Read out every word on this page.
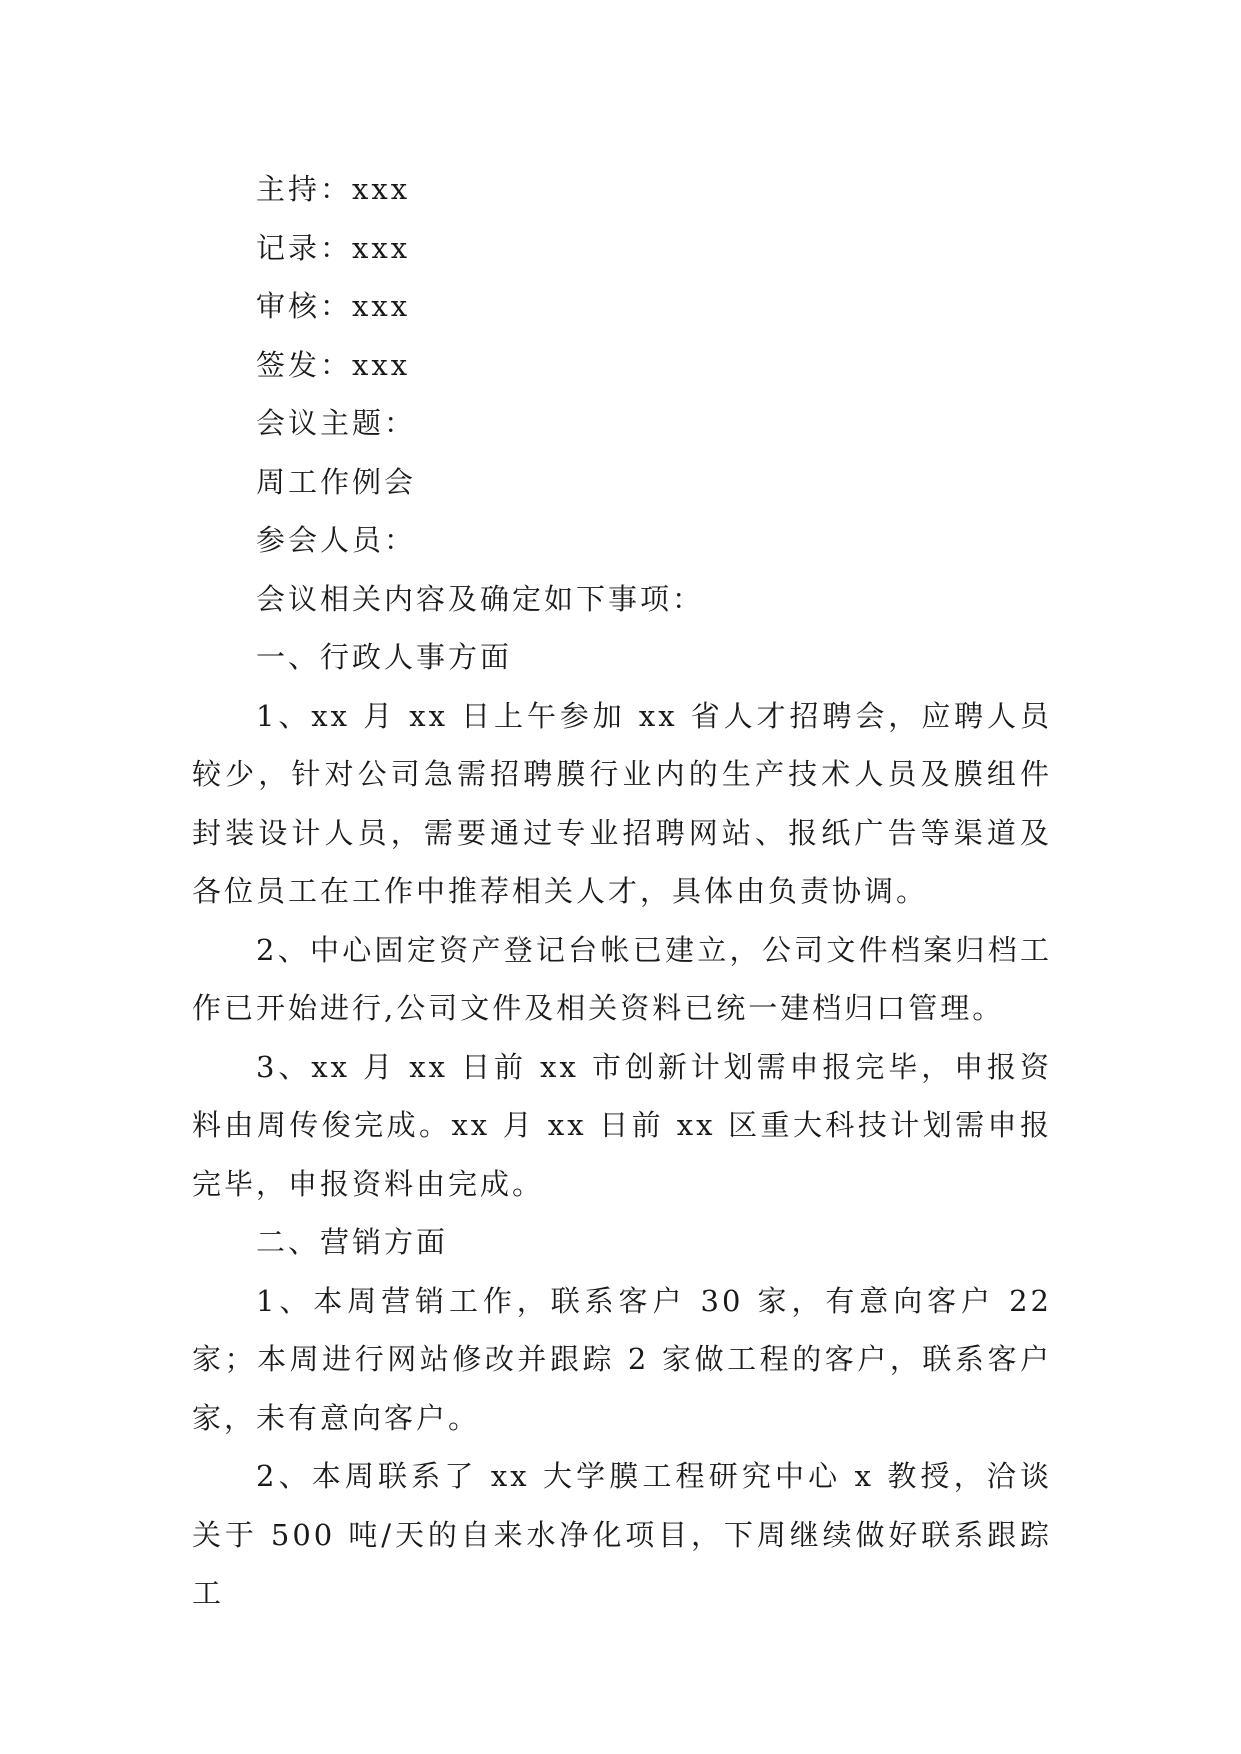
主持：xxx

记录：xxx

审核：xxx

签发：xxx

会议主题：

周工作例会

参会人员：

会议相关内容及确定如下事项：

一、行政人事方面

1、xx 月 xx 日上午参加 xx 省人才招聘会，应聘人员较少，针对公司急需招聘膜行业内的生产技术人员及膜组件封装设计人员，需要通过专业招聘网站、报纸广告等渠道及各位员工在工作中推荐相关人才，具体由负责协调。

2、中心固定资产登记台帐已建立，公司文件档案归档工作已开始进行,公司文件及相关资料已统一建档归口管理。

3、xx 月 xx 日前 xx 市创新计划需申报完毕，申报资料由周传俊完成。xx 月 xx 日前 xx 区重大科技计划需申报完毕，申报资料由完成。

二、营销方面

1、本周营销工作，联系客户 30 家，有意向客户 22 家；本周进行网站修改并跟踪 2 家做工程的客户，联系客户家，未有意向客户。

2、本周联系了 xx 大学膜工程研究中心 x 教授，洽谈关于 500 吨/天的自来水净化项目，下周继续做好联系跟踪工
